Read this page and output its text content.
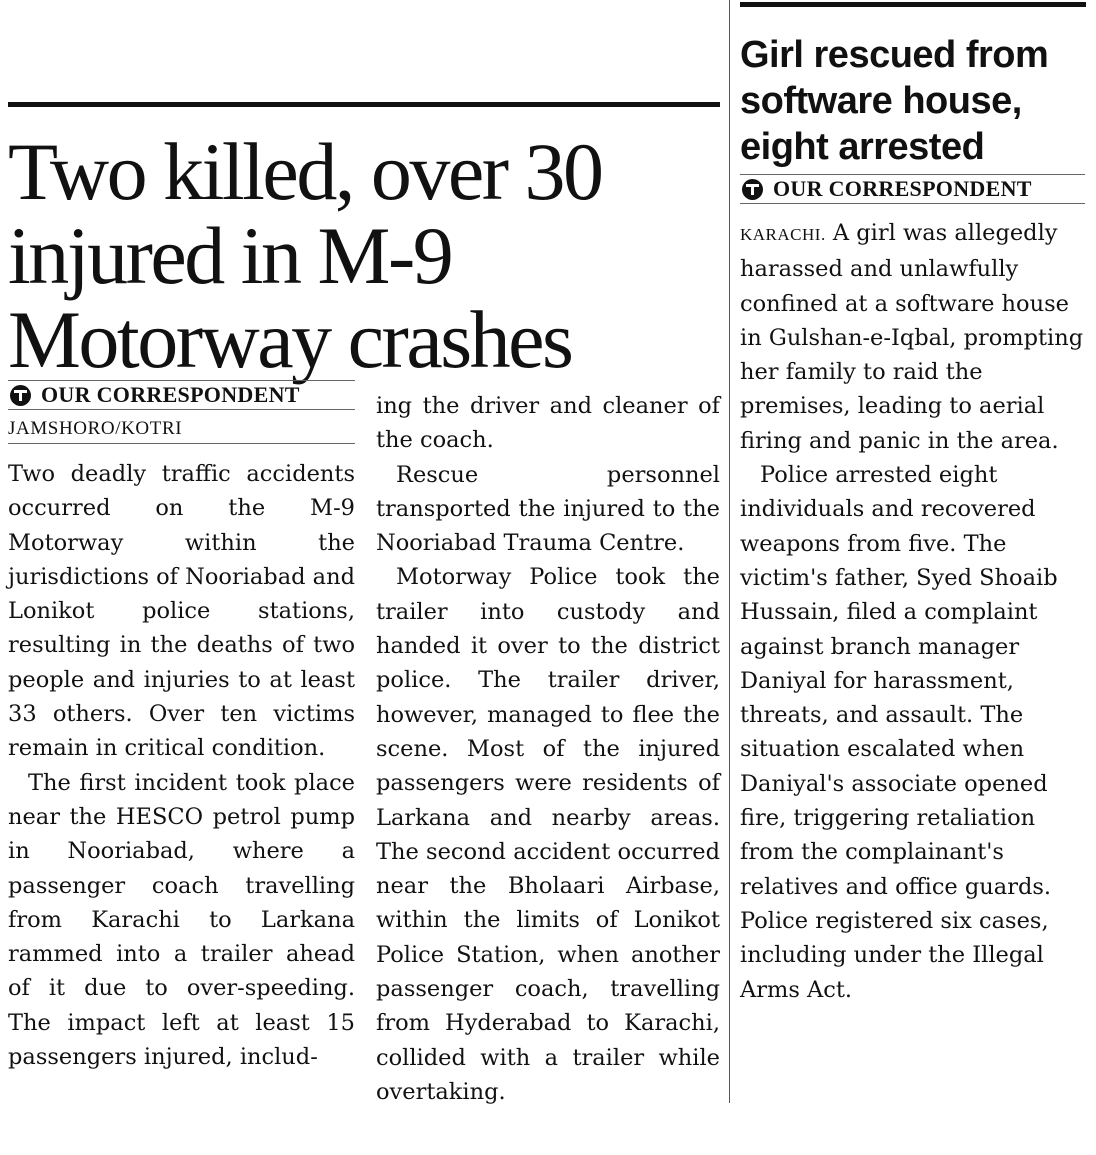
Two killed, over 30 injured in M-9 Motorway crashes
OUR CORRESPONDENT
JAMSHORO/KOTRI

Two deadly traffic accidents occurred on the M-9 Motorway within the jurisdictions of Nooriabad and Lonikot police stations, resulting in the deaths of two people and injuries to at least 33 others. Over ten victims remain in critical condition.

The first incident took place near the HESCO petrol pump in Nooriabad, where a passenger coach travelling from Karachi to Larkana rammed into a trailer ahead of it due to over-speeding. The impact left at least 15 passengers injured, includ-

ing the driver and cleaner of the coach.

Rescue personnel transported the injured to the Nooriabad Trauma Centre.

Motorway Police took the trailer into custody and handed it over to the district police. The trailer driver, however, managed to flee the scene. Most of the injured passengers were residents of Larkana and nearby areas. The second accident occurred near the Bholaari Airbase, within the limits of Lonikot Police Station, when another passenger coach, travelling from Hyderabad to Karachi, collided with a trailer while overtaking.

Girl rescued from software house, eight arrested
OUR CORRESPONDENT

KARACHI. A girl was allegedly harassed and unlawfully confined at a software house in Gulshan-e-Iqbal, prompting her family to raid the premises, leading to aerial firing and panic in the area.

Police arrested eight individuals and recovered weapons from five. The victim's father, Syed Shoaib Hussain, filed a complaint against branch manager Daniyal for harassment, threats, and assault. The situation escalated when Daniyal's associate opened fire, triggering retaliation from the complainant's relatives and office guards. Police registered six cases, including under the Illegal Arms Act.
